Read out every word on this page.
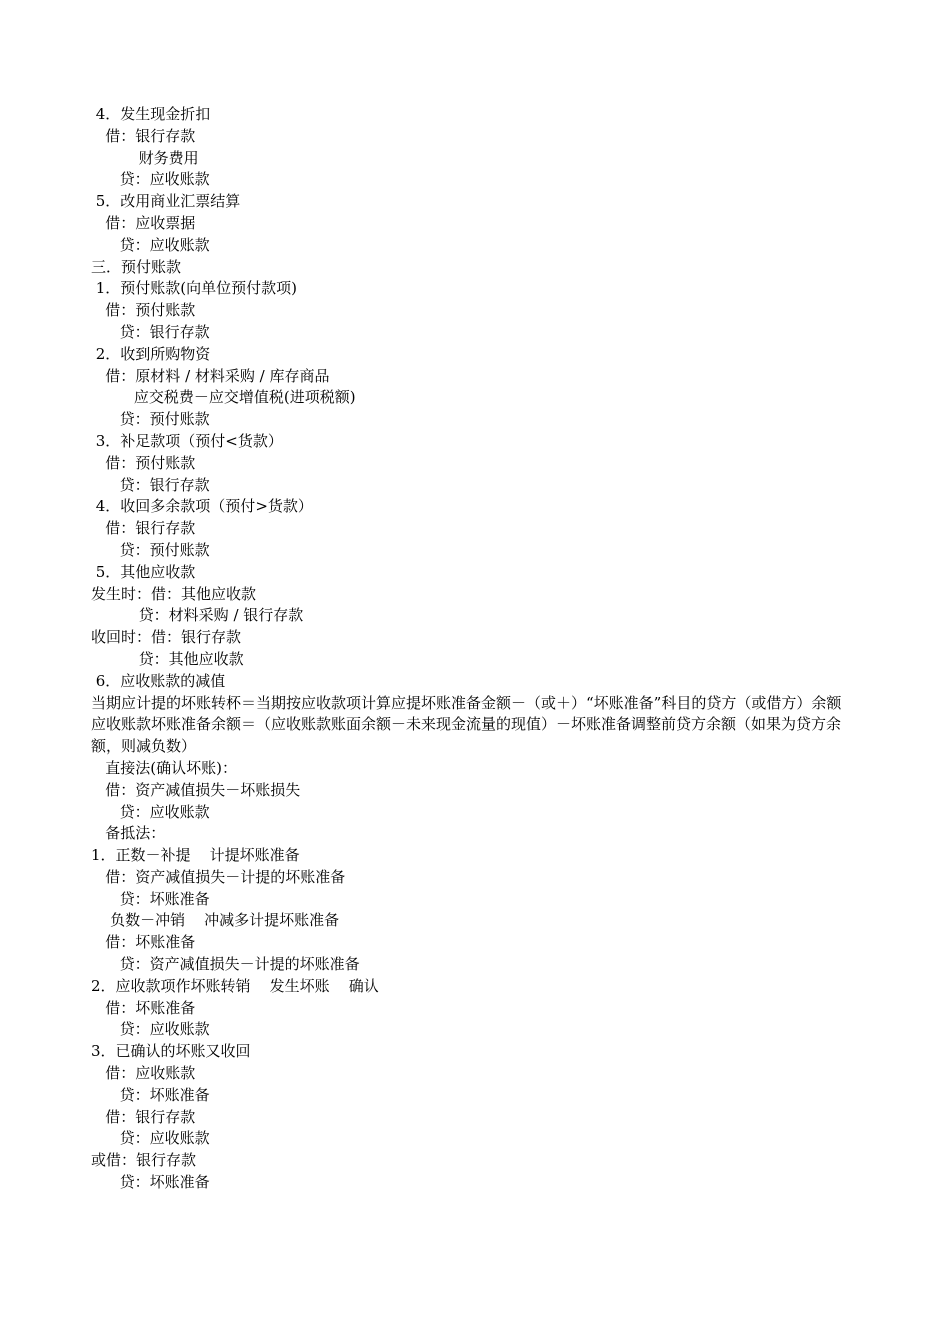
4．发生现金折扣
借：银行存款
财务费用
贷：应收账款
5．改用商业汇票结算
借：应收票据
贷：应收账款
三．预付账款
1．预付账款(向单位预付款项)
借：预付账款
贷：银行存款
2．收到所购物资
借：原材料 / 材料采购 / 库存商品
应交税费－应交增值税(进项税额)
贷：预付账款
3．补足款项（预付<货款）
借：预付账款
贷：银行存款
4．收回多余款项（预付>货款）
借：银行存款
贷：预付账款
5．其他应收款
发生时：借：其他应收款
贷：材料采购 / 银行存款
收回时：借：银行存款
贷：其他应收款
6．应收账款的减值
当期应计提的坏账转杯＝当期按应收款项计算应提坏账准备金额－（或＋）“坏账准备”科目的贷方（或借方）余额
应收账款坏账准备余额＝（应收账款账面余额－未来现金流量的现值）－坏账准备调整前贷方余额（如果为贷方余额，则减负数）
直接法(确认坏账)：
借：资产减值损失－坏账损失
贷：应收账款
备抵法：
1．正数－补提    计提坏账准备
借：资产减值损失－计提的坏账准备
贷：坏账准备
负数－冲销    冲减多计提坏账准备
借：坏账准备
贷：资产减值损失－计提的坏账准备
2．应收款项作坏账转销    发生坏账    确认
借：坏账准备
贷：应收账款
3．已确认的坏账又收回
借：应收账款
贷：坏账准备
借：银行存款
贷：应收账款
或借：银行存款
贷：坏账准备
